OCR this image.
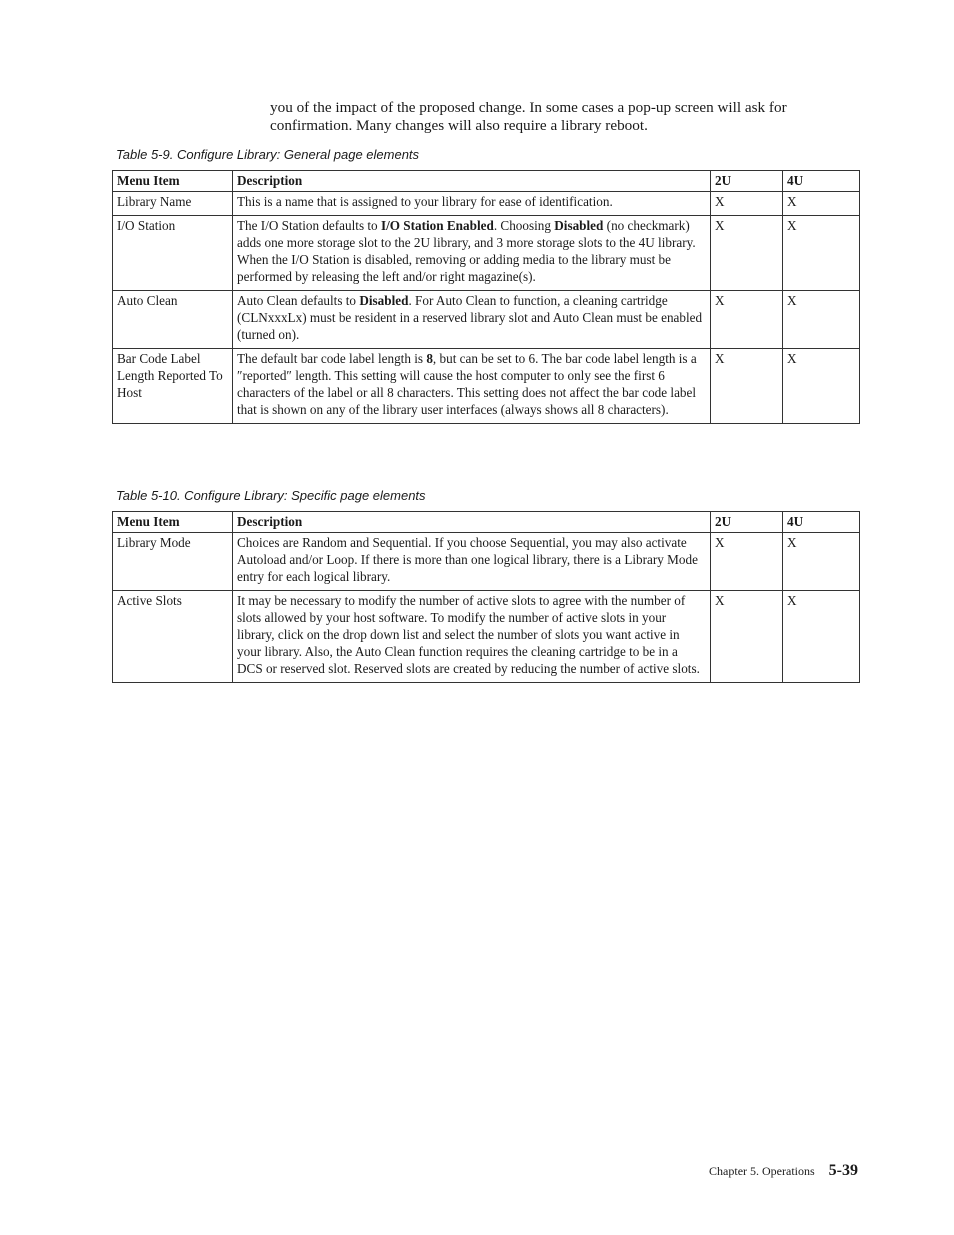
you of the impact of the proposed change. In some cases a pop-up screen will ask for confirmation. Many changes will also require a library reboot.

Table 5-9. Configure Library: General page elements

Menu Item	Description	2U	4U
Library Name	This is a name that is assigned to your library for ease of identification.	X	X
I/O Station	The I/O Station defaults to I/O Station Enabled. Choosing Disabled (no checkmark) adds one more storage slot to the 2U library, and 3 more storage slots to the 4U library. When the I/O Station is disabled, removing or adding media to the library must be performed by releasing the left and/or right magazine(s).	X	X
Auto Clean	Auto Clean defaults to Disabled. For Auto Clean to function, a cleaning cartridge (CLNxxxLx) must be resident in a reserved library slot and Auto Clean must be enabled (turned on).	X	X
Bar Code Label Length Reported To Host	The default bar code label length is 8, but can be set to 6. The bar code label length is a ″reported″ length. This setting will cause the host computer to only see the first 6 characters of the label or all 8 characters. This setting does not affect the bar code label that is shown on any of the library user interfaces (always shows all 8 characters).	X	X

Table 5-10. Configure Library: Specific page elements

Menu Item	Description	2U	4U
Library Mode	Choices are Random and Sequential. If you choose Sequential, you may also activate Autoload and/or Loop. If there is more than one logical library, there is a Library Mode entry for each logical library.	X	X
Active Slots	It may be necessary to modify the number of active slots to agree with the number of slots allowed by your host software. To modify the number of active slots in your library, click on the drop down list and select the number of slots you want active in your library. Also, the Auto Clean function requires the cleaning cartridge to be in a DCS or reserved slot. Reserved slots are created by reducing the number of active slots.	X	X

Chapter 5. Operations 5-39
